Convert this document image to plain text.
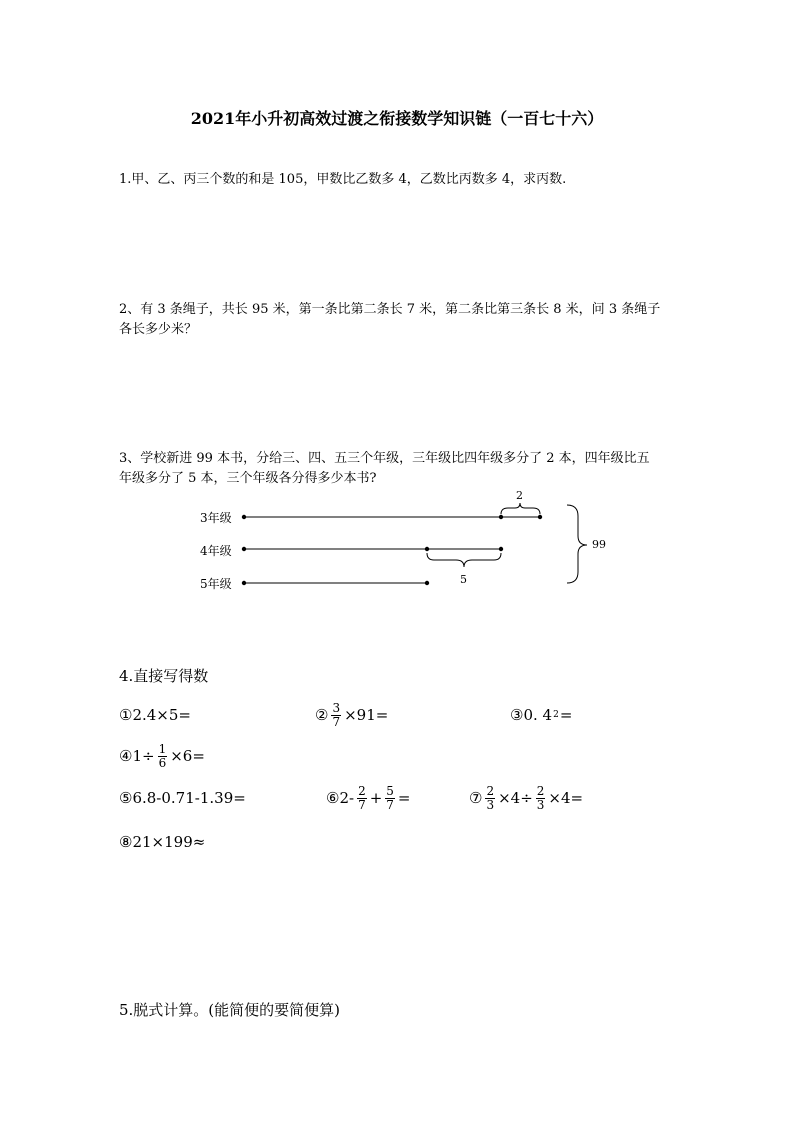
2021年小升初高效过渡之衔接数学知识链（一百七十六）
1.甲、乙、丙三个数的和是 105，甲数比乙数多 4，乙数比丙数多 4，求丙数.
2、有 3 条绳子，共长 95 米，第一条比第二条长 7 米，第二条比第三条长 8 米，问 3 条绳子
各长多少米？
3、学校新进 99 本书，分给三、四、五三个年级，三年级比四年级多分了 2 本，四年级比五
年级多分了 5 本，三个年级各分得多少本书?
3年级
4年级
5年级
2
5
99
4.直接写得数
①2.4×5=	② $\frac{3}{7} \times 91=$	③0. 4 2 =
④1÷ $\frac{1}{6} \times 6=$
⑤6.8-0.71-1.39=	⑥2- $\frac{2}{7} + \frac{5}{7}$ =	⑦ $\frac{2}{3} \times 4\div \frac{2}{3} \times 4=$
⑧21×199≈
5.脱式计算。(能简便的要简便算)
